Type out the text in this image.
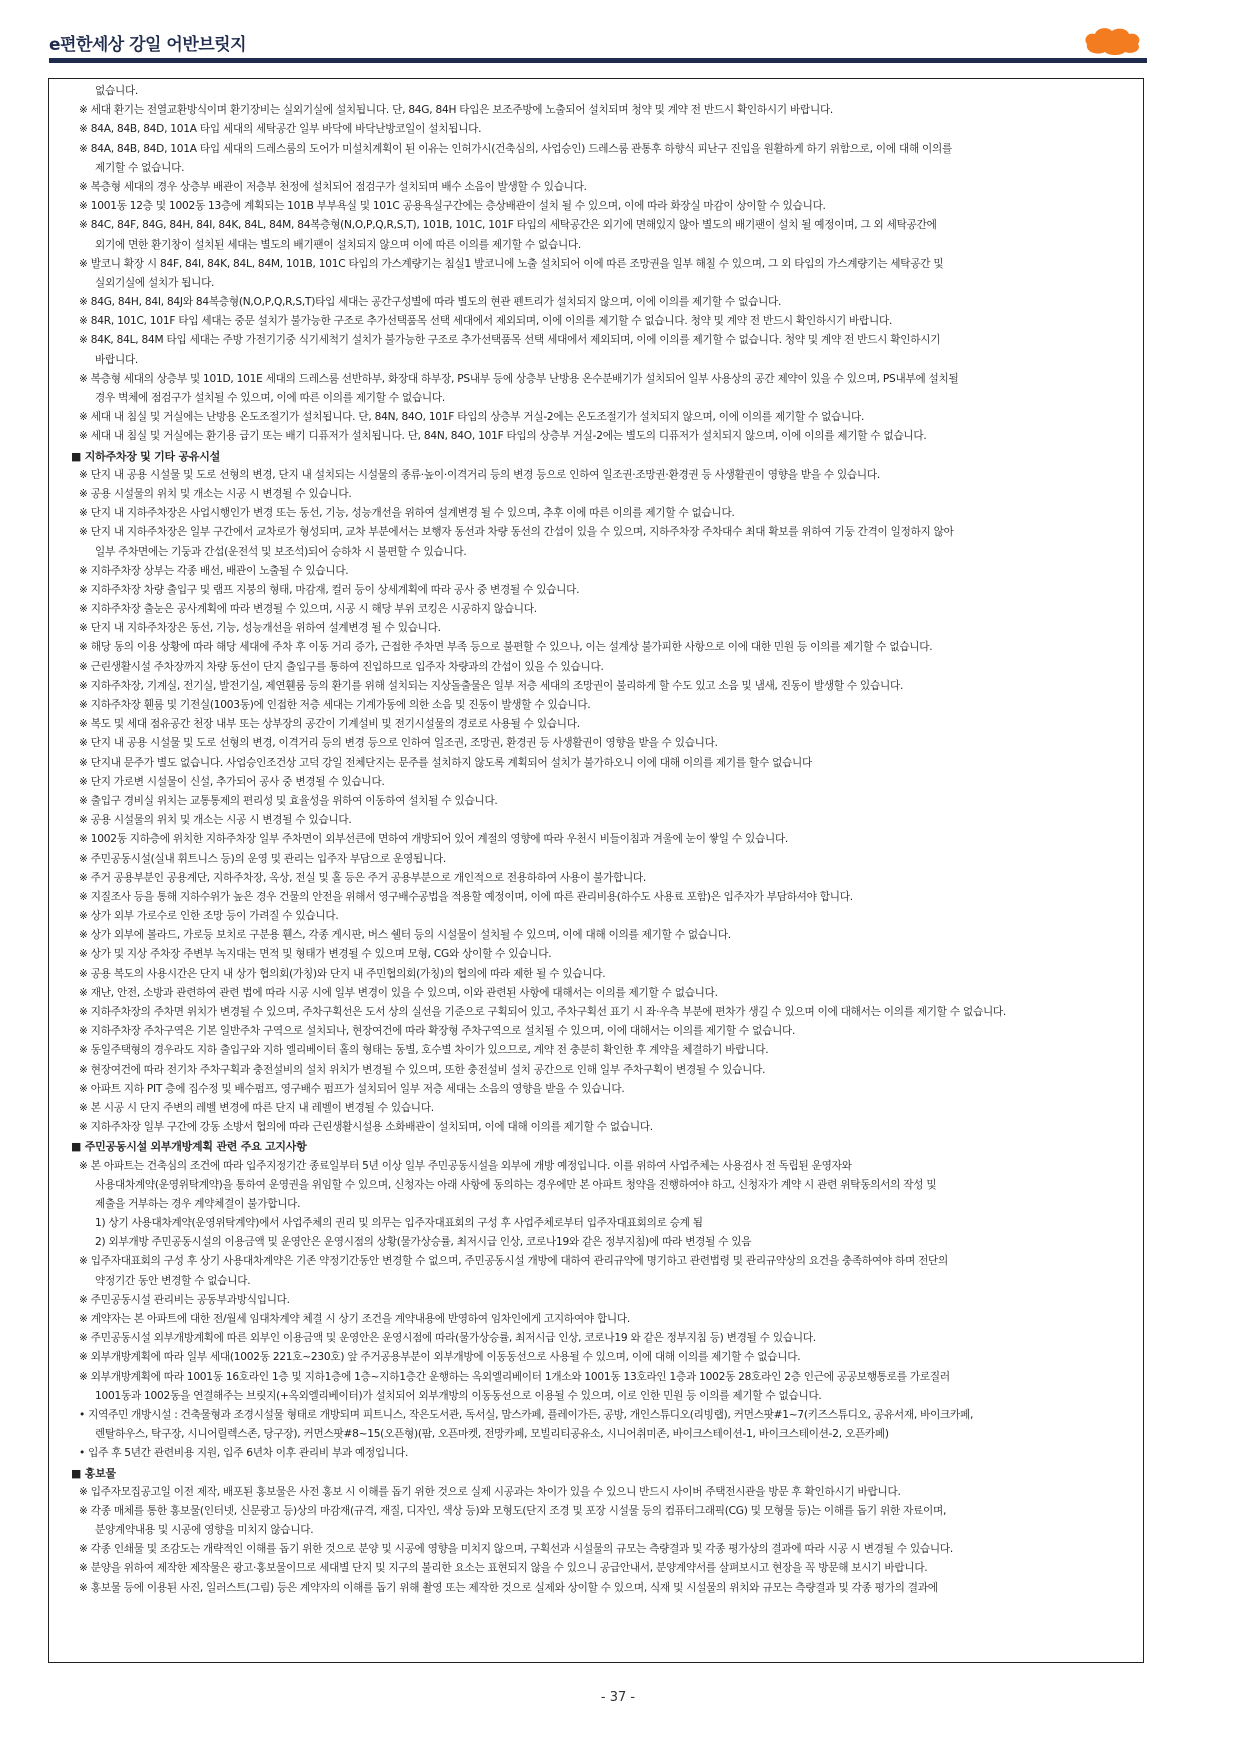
e편한세상 강일 어반브릿지
없습니다.
※ 세대 환기는 전열교환방식이며 환기장비는 실외기실에 설치됩니다. 단, 84G, 84H 타입은 보조주방에 노출되어 설치되며 청약 및 계약 전 반드시 확인하시기 바랍니다.
※ 84A, 84B, 84D, 101A 타입 세대의 세탁공간 일부 바닥에 바닥난방코일이 설치됩니다.
※ 84A, 84B, 84D, 101A 타입 세대의 드레스룸의 도어가 미설치계획이 된 이유는 인허가시(건축심의, 사업승인) 드레스룸 관통후 하향식 피난구 진입을 원활하게 하기 위함으로, 이에 대해 이의를
제기할 수 없습니다.
※ 복층형 세대의 경우 상층부 배관이 저층부 천정에 설치되어 점검구가 설치되며 배수 소음이 발생할 수 있습니다.
※ 1001동 12층 및 1002동 13층에 계획되는 101B 부부욕실 및 101C 공용욕실구간에는 층상배관이 설치 될 수 있으며, 이에 따라 화장실 마감이 상이할 수 있습니다.
※ 84C, 84F, 84G, 84H, 84I, 84K, 84L, 84M, 84복층형(N,O,P,Q,R,S,T), 101B, 101C, 101F 타입의 세탁공간은 외기에 면해있지 않아 별도의 배기팬이 설치 될 예정이며, 그 외 세탁공간에
외기에 면한 환기창이 설치된 세대는 별도의 배기팬이 설치되지 않으며 이에 따른 이의를 제기할 수 없습니다.
※ 발코니 확장 시 84F, 84I, 84K, 84L, 84M, 101B, 101C 타입의 가스계량기는 침실1 발코니에 노출 설치되어 이에 따른 조망권을 일부 해칠 수 있으며, 그 외 타입의 가스계량기는 세탁공간 및
실외기실에 설치가 됩니다.
※ 84G, 84H, 84I, 84J와 84복층형(N,O,P,Q,R,S,T)타입 세대는 공간구성별에 따라 별도의 현관 펜트리가 설치되지 않으며, 이에 이의를 제기할 수 없습니다.
※ 84R, 101C, 101F 타입 세대는 중문 설치가 불가능한 구조로 추가선택품목 선택 세대에서 제외되며, 이에 이의를 제기할 수 없습니다. 청약 및 계약 전 반드시 확인하시기 바랍니다.
※ 84K, 84L, 84M 타입 세대는 주방 가전기기중 식기세척기 설치가 불가능한 구조로 추가선택품목 선택 세대에서 제외되며, 이에 이의를 제기할 수 없습니다. 청약 및 계약 전 반드시 확인하시기
바랍니다.
※ 복층형 세대의 상층부 및 101D, 101E 세대의 드레스룸 선반하부, 화장대 하부장, PS내부 등에 상층부 난방용 온수분배기가 설치되어 일부 사용상의 공간 제약이 있을 수 있으며, PS내부에 설치될
경우 벽체에 점검구가 설치될 수 있으며, 이에 따른 이의를 제기할 수 없습니다.
※ 세대 내 침실 및 거실에는 난방용 온도조절기가 설치됩니다. 단, 84N, 84O, 101F 타입의 상층부 거실-2에는 온도조절기가 설치되지 않으며, 이에 이의를 제기할 수 없습니다.
※ 세대 내 침실 및 거실에는 환기용 급기 또는 배기 디퓨저가 설치됩니다. 단, 84N, 84O, 101F 타입의 상층부 거실-2에는 별도의 디퓨저가 설치되지 않으며, 이에 이의를 제기할 수 없습니다.
■ 지하주차장 및 기타 공유시설
※ 단지 내 공용 시설물 및 도로 선형의 변경, 단지 내 설치되는 시설물의 종류·높이·이격거리 등의 변경 등으로 인하여 일조권·조망권·환경권 등 사생활권이 영향을 받을 수 있습니다.
※ 공용 시설물의 위치 및 개소는 시공 시 변경될 수 있습니다.
※ 단지 내 지하주차장은 사업시행인가 변경 또는 동선, 기능, 성능개선을 위하여 설계변경 될 수 있으며, 추후 이에 따른 이의를 제기할 수 없습니다.
※ 단지 내 지하주차장은 일부 구간에서 교차로가 형성되며, 교차 부분에서는 보행자 동선과 차량 동선의 간섭이 있을 수 있으며, 지하주차장 주차대수 최대 확보를 위하여 기둥 간격이 일정하지 않아
일부 주차면에는 기둥과 간섭(운전석 및 보조석)되어 승하차 시 불편할 수 있습니다.
※ 지하주차장 상부는 각종 배선, 배관이 노출될 수 있습니다.
※ 지하주차장 차량 출입구 및 램프 지붕의 형태, 마감재, 컬러 등이 상세계획에 따라 공사 중 변경될 수 있습니다.
※ 지하주차장 출눈은 공사계획에 따라 변경될 수 있으며, 시공 시 해당 부위 코킹은 시공하지 않습니다.
※ 단지 내 지하주차장은 동선, 기능, 성능개선을 위하여 설계변경 될 수 있습니다.
※ 해당 동의 이용 상황에 따라 해당 세대에 주차 후 이동 거리 증가, 근접한 주차면 부족 등으로 불편할 수 있으나, 이는 설계상 불가피한 사항으로 이에 대한 민원 등 이의를 제기할 수 없습니다.
※ 근린생활시설 주차장까지 차량 동선이 단지 출입구를 통하여 진입하므로 입주자 차량과의 간섭이 있을 수 있습니다.
※ 지하주차장, 기계실, 전기실, 발전기실, 제연휀룸 등의 환기를 위해 설치되는 지상돌출물은 일부 저층 세대의 조망권이 불리하게 할 수도 있고 소음 및 냄새, 진동이 발생할 수 있습니다.
※ 지하주차장 휀룸 및 기전실(1003동)에 인접한 저층 세대는 기계가동에 의한 소음 및 진동이 발생할 수 있습니다.
※ 복도 및 세대 점유공간 천장 내부 또는 상부장의 공간이 기계설비 및 전기시설물의 경로로 사용될 수 있습니다.
※ 단지 내 공용 시설물 및 도로 선형의 변경, 이격거리 등의 변경 등으로 인하여 일조권, 조망권, 환경권 등 사생활권이 영향을 받을 수 있습니다.
※ 단지내 문주가 별도 없습니다. 사업승인조건상 고덕 강일 전체단지는 문주를 설치하지 않도록 계획되어 설치가 불가하오니 이에 대해 이의를 제기를 할수 없습니다
※ 단지 가로변 시설물이 신설, 추가되어 공사 중 변경될 수 있습니다.
※ 출입구 경비실 위치는 교통통제의 편리성 및 효율성을 위하여 이동하여 설치될 수 있습니다.
※ 공용 시설물의 위치 및 개소는 시공 시 변경될 수 있습니다.
※ 1002동 지하층에 위치한 지하주차장 일부 주차면이 외부선큰에 면하여 개방되어 있어 계절의 영향에 따라 우천시 비들이침과 겨울에 눈이 쌓일 수 있습니다.
※ 주민공동시설(실내 휘트니스 등)의 운영 및 관리는 입주자 부담으로 운영됩니다.
※ 주거 공용부분인 공용계단, 지하주차장, 옥상, 전실 및 홀 등은 주거 공용부분으로 개인적으로 전용하하여 사용이 불가합니다.
※ 지질조사 등을 통해 지하수위가 높은 경우 건물의 안전을 위해서 영구배수공법을 적용할 예정이며, 이에 따른 관리비용(하수도 사용료 포함)은 입주자가 부담하셔야 합니다.
※ 상가 외부 가로수로 인한 조망 등이 가려질 수 있습니다.
※ 상가 외부에 볼라드, 가로등 보치로 구분용 휀스, 각종 게시판, 버스 쉘터 등의 시설물이 설치될 수 있으며, 이에 대해 이의를 제기할 수 없습니다.
※ 상가 및 지상 주차장 주변부 녹지대는 면적 및 형태가 변경될 수 있으며 모형, CG와 상이할 수 있습니다.
※ 공용 복도의 사용시간은 단지 내 상가 협의회(가칭)와 단지 내 주민협의회(가칭)의 협의에 따라 제한 될 수 있습니다.
※ 재난, 안전, 소방과 관련하여 관련 법에 따라 시공 시에 일부 변경이 있을 수 있으며, 이와 관련된 사항에 대해서는 이의를 제기할 수 없습니다.
※ 지하주차장의 주차면 위치가 변경될 수 있으며, 주차구획선은 도서 상의 실선을 기준으로 구획되어 있고, 주차구획선 표기 시 좌·우측 부분에 편차가 생길 수 있으며 이에 대해서는 이의를 제기할 수 없습니다.
※ 지하주차장 주차구역은 기본 일반주차 구역으로 설치되나, 현장여건에 따라 확장형 주차구역으로 설치될 수 있으며, 이에 대해서는 이의를 제기할 수 없습니다.
※ 동일주택형의 경우라도 지하 출입구와 지하 엘리베이터 홀의 형태는 동별, 호수별 차이가 있으므로, 계약 전 충분히 확인한 후 계약을 체결하기 바랍니다.
※ 현장여건에 따라 전기차 주차구획과 충전설비의 설치 위치가 변경될 수 있으며, 또한 충전설비 설치 공간으로 인해 일부 주차구획이 변경될 수 있습니다.
※ 아파트 지하 PIT 층에 집수정 및 배수펌프, 영구배수 펌프가 설치되어 일부 저층 세대는 소음의 영향을 받을 수 있습니다.
※ 본 시공 시 단지 주변의 레벨 변경에 따른 단지 내 레벨이 변경될 수 있습니다.
※ 지하주차장 일부 구간에 강동 소방서 협의에 따라 근린생활시설용 소화배관이 설치되며, 이에 대해 이의를 제기할 수 없습니다.
■ 주민공동시설 외부개방계획 관련 주요 고지사항
※ 본 아파트는 건축심의 조건에 따라 입주지정기간 종료일부터 5년 이상 일부 주민공동시설을 외부에 개방 예정입니다. 이를 위하여 사업주체는 사용검사 전 독립된 운영자와
사용대차계약(운영위탁계약)을 통하여 운영권을 위임할 수 있으며, 신청자는 아래 사항에 동의하는 경우에만 본 아파트 청약을 진행하여야 하고, 신청자가 계약 시 관련 위탁동의서의 작성 및
제출을 거부하는 경우 계약체결이 불가합니다.
1) 상기 사용대차계약(운영위탁계약)에서 사업주체의 권리 및 의무는 입주자대표회의 구성 후 사업주체로부터 입주자대표회의로 승계 됨
2) 외부개방 주민공동시설의 이용금액 및 운영안은 운영시점의 상황(물가상승률, 최저시급 인상, 코로나19와 같은 정부지침)에 따라 변경될 수 있음
※ 입주자대표회의 구성 후 상기 사용대차계약은 기존 약정기간동안 변경할 수 없으며, 주민공동시설 개방에 대하여 관리규약에 명기하고 관련법령 및 관리규약상의 요건을 충족하여야 하며 전단의
약정기간 동안 변경할 수 없습니다.
※ 주민공동시설 관리비는 공동부과방식입니다.
※ 계약자는 본 아파트에 대한 전/월세 임대차계약 체결 시 상기 조건을 계약내용에 반영하여 임차인에게 고지하여야 합니다.
※ 주민공동시설 외부개방계획에 따른 외부인 이용금액 및 운영안은 운영시점에 따라(물가상승률, 최저시급 인상, 코로나19 와 같은 정부지침 등) 변경될 수 있습니다.
※ 외부개방계획에 따라 일부 세대(1002동 221호~230호) 앞 주거공용부분이 외부개방에 이동동선으로 사용될 수 있으며, 이에 대해 이의를 제기할 수 없습니다.
※ 외부개방계획에 따라 1001동 16호라인 1층 및 지하1층에 1층~지하1층간 운행하는 옥외엘리베이터 1개소와 1001동 13호라인 1층과 1002동 28호라인 2층 인근에 공공보행통로를 가로질러
1001동과 1002동을 연결해주는 브릿지(+옥외엘리베이터)가 설치되어 외부개방의 이동동선으로 이용될 수 있으며, 이로 인한 민원 등 이의를 제기할 수 없습니다.
• 지역주민 개방시설 : 건축물형과 조경시설물 형태로 개방되며 피트니스, 작은도서관, 독서실, 맘스카페, 플레이가든, 공방, 개인스튜디오(리빙랩), 커먼스팟#1~7(키즈스튜디오, 공유서재, 바이크카페,
렌탈하우스, 탁구장, 시니어릴렉스존, 당구장), 커먼스팟#8~15(오픈형)(팜, 오픈마켓, 전망카페, 모빌리티공유소, 시니어취미존, 바이크스테이션-1, 바이크스테이션-2, 오픈카페)
• 입주 후 5년간 관련비용 지원, 입주 6년차 이후 관리비 부과 예정입니다.
■ 홍보물
※ 입주자모집공고일 이전 제작, 배포된 홍보물은 사전 홍보 시 이해를 돕기 위한 것으로 실제 시공과는 차이가 있을 수 있으니 반드시 사이버 주택전시관을 방문 후 확인하시기 바랍니다.
※ 각종 매체를 통한 홍보물(인터넷, 신문광고 등)상의 마감재(규격, 재질, 디자인, 색상 등)와 모형도(단지 조경 및 포장 시설물 등의 컴퓨터그래픽(CG) 및 모형물 등)는 이해를 돕기 위한 자료이며,
분양계약내용 및 시공에 영향을 미치지 않습니다.
※ 각종 인쇄물 및 조감도는 개략적인 이해를 돕기 위한 것으로 분양 및 시공에 영향을 미치지 않으며, 구획선과 시설물의 규모는 측량결과 및 각종 평가상의 결과에 따라 시공 시 변경될 수 있습니다.
※ 분양을 위하여 제작한 제작물은 광고·홍보물이므로 세대별 단지 및 지구의 불리한 요소는 표현되지 않을 수 있으니 공급안내서, 분양계약서를 살펴보시고 현장을 꼭 방문해 보시기 바랍니다.
※ 홍보물 등에 이용된 사진, 일러스트(그림) 등은 계약자의 이해를 돕기 위해 촬영 또는 제작한 것으로 실제와 상이할 수 있으며, 식재 및 시설물의 위치와 규모는 측량결과 및 각종 평가의 결과에
- 37 -
